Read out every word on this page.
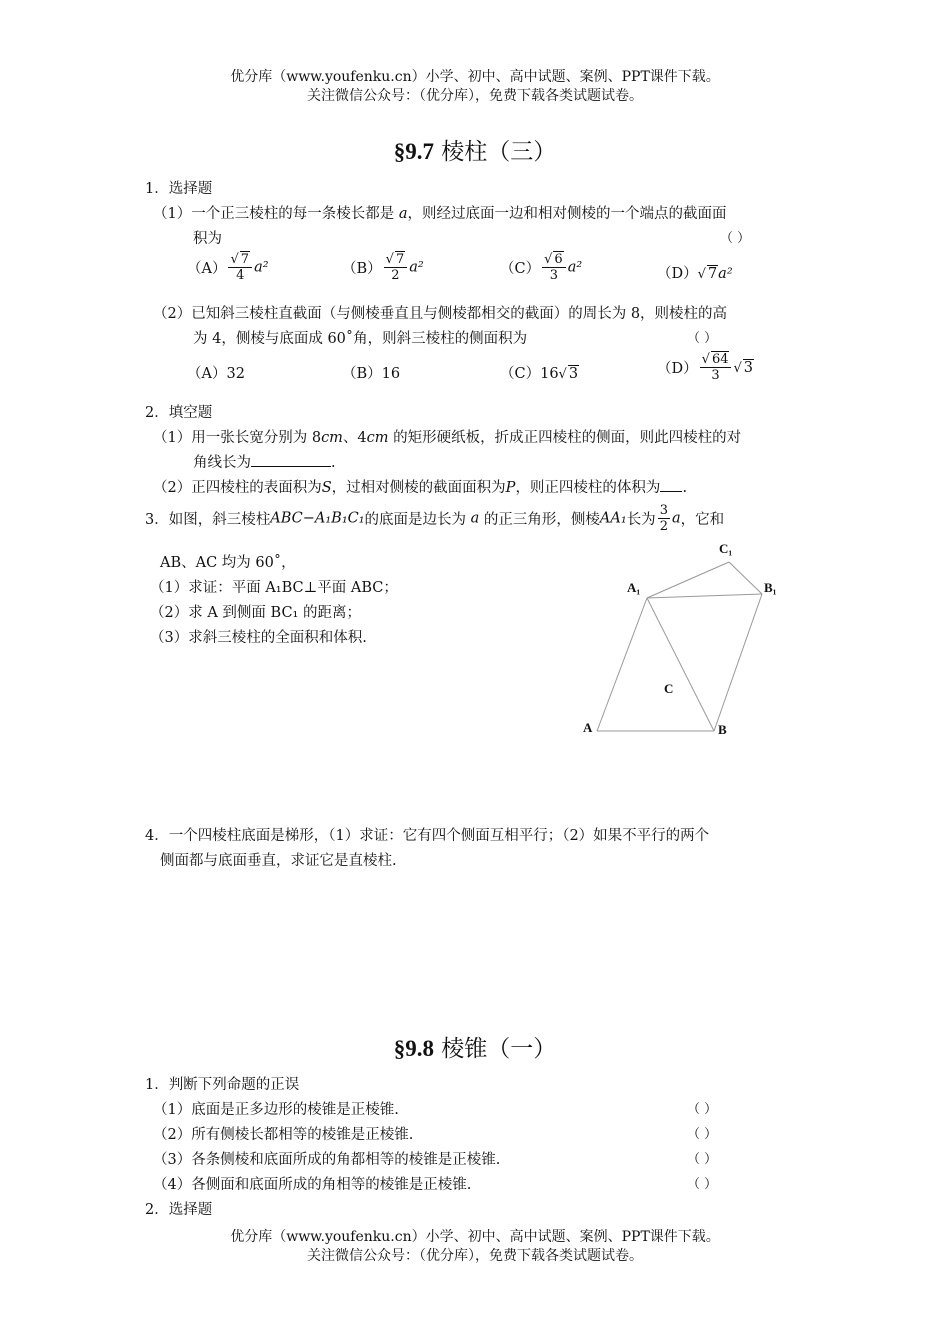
优分库（www.youfenku.cn）小学、初中、高中试题、案例、PPT课件下载。
关注微信公众号：（优分库），免费下载各类试题试卷。
§9.7 棱柱（三）
1．选择题
（1）一个正三棱柱的每一条棱长都是 a，则经过底面一边和相对侧棱的一个端点的截面面
积为	（ ）
$(A) \frac{√ 7}{4} a^2$	$(B) \frac{√ 7}{2} a^2$	$(C) \frac{√ 6}{3} a^2$	（D）√ 7a²
（2）已知斜三棱柱直截面（与侧棱垂直且与侧棱都相交的截面）的周长为 8，则棱柱的高
为 4，侧棱与底面成 60˚角，则斜三棱柱的侧面积为	（ ）
（A）32	（B）16	（C）16√ 3	$(D) \frac{√ 64}{3}$ √ 3
2．填空题
（1）用一张长宽分别为 8cm、4cm 的矩形硬纸板，折成正四棱柱的侧面，则此四棱柱的对
角线长为	.
（2）正四棱柱的表面积为S，过相对侧棱的截面面积为P，则正四棱柱的体积为 .
3．如图，斜三棱柱ABC−A₁B₁C₁的底面是边长为 a 的正三角形，侧棱AA₁长为 $\frac{3}{2}$ a，它和
AB、AC 均为 60˚，
（1）求证：平面 A₁BC⊥平面 ABC；
（2）求 A 到侧面 BC₁ 的距离；
（3）求斜三棱柱的全面积和体积.
C₁
A₁	B₁
C
A	B
4．一个四棱柱底面是梯形，（1）求证：它有四个侧面互相平行；（2）如果不平行的两个
侧面都与底面垂直，求证它是直棱柱.
§9.8 棱锥（一）
1．判断下列命题的正误
（1）底面是正多边形的棱锥是正棱锥.	（ ）
（2）所有侧棱长都相等的棱锥是正棱锥.	（ ）
（3）各条侧棱和底面所成的角都相等的棱锥是正棱锥.	（ ）
（4）各侧面和底面所成的角相等的棱锥是正棱锥.	（ ）
2．选择题
优分库（www.youfenku.cn）小学、初中、高中试题、案例、PPT课件下载。
关注微信公众号：（优分库），免费下载各类试题试卷。
